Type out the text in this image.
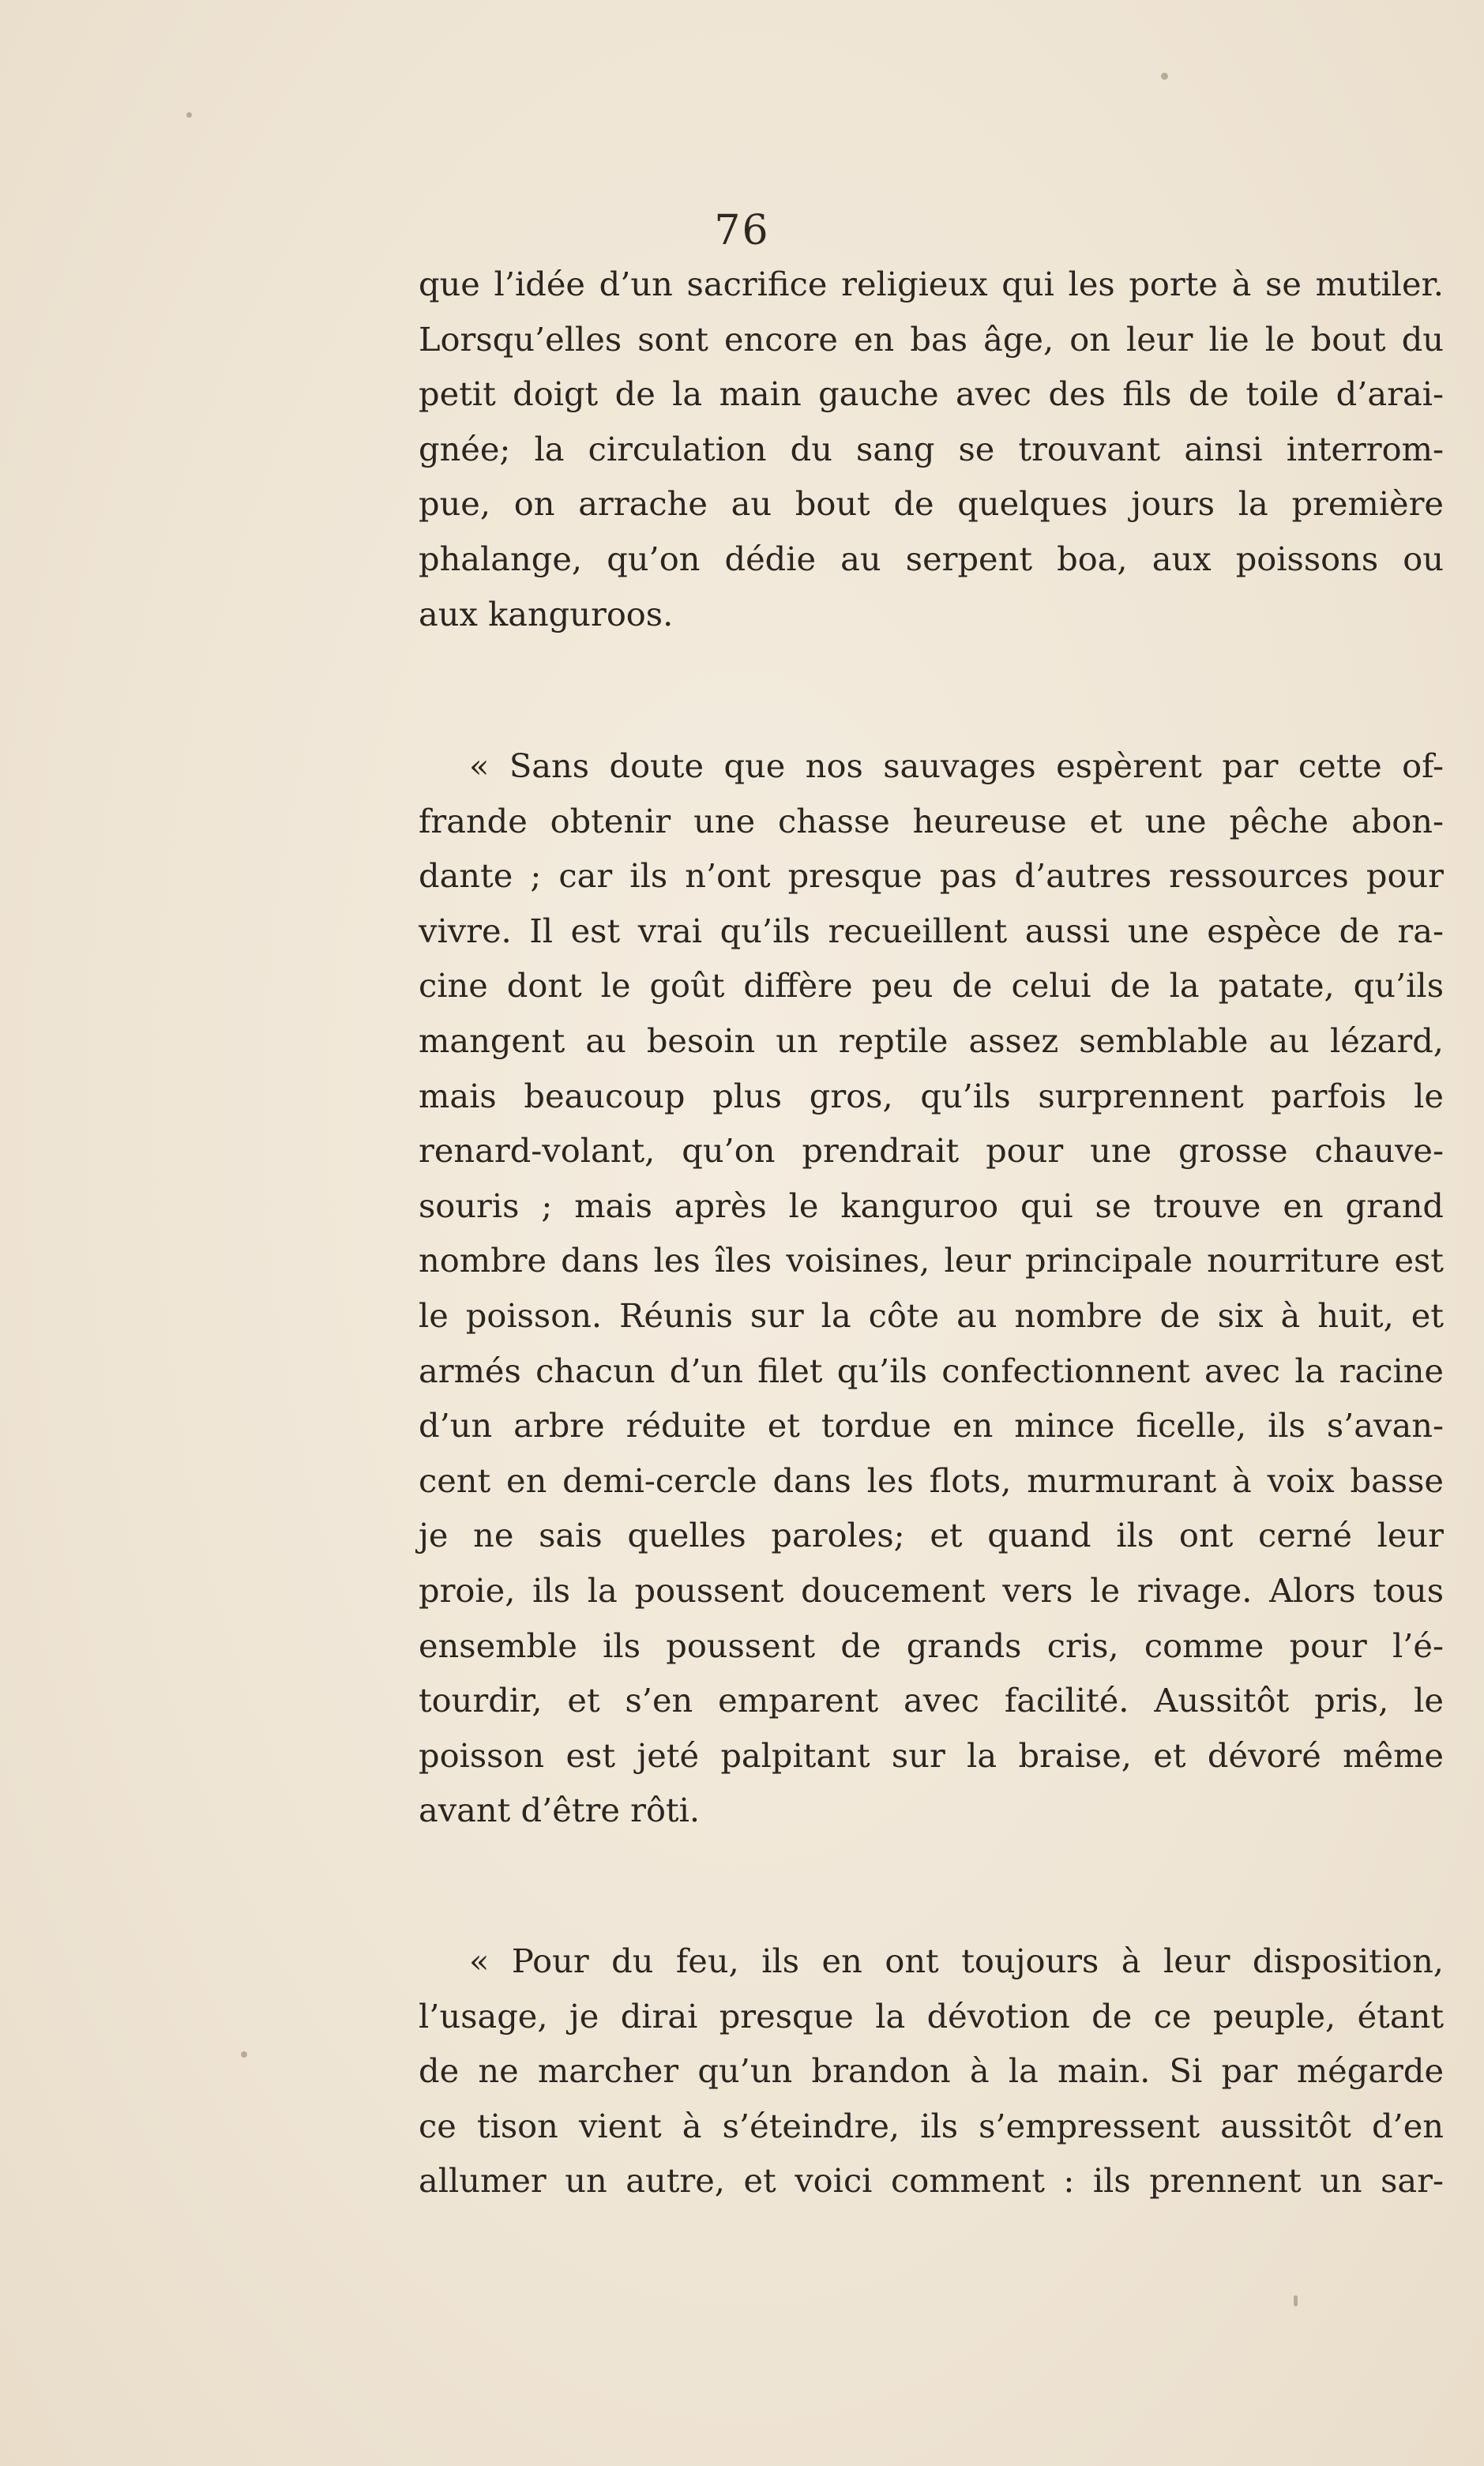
76
que l’idée d’un sacrifice religieux qui les porte à se mutiler.
Lorsqu’elles sont encore en bas âge, on leur lie le bout du
petit doigt de la main gauche avec des fils de toile d’arai-
gnée; la circulation du sang se trouvant ainsi interrom-
pue, on arrache au bout de quelques jours la première
phalange, qu’on dédie au serpent boa, aux poissons ou
aux kanguroos.
« Sans doute que nos sauvages espèrent par cette of-
frande obtenir une chasse heureuse et une pêche abon-
dante ; car ils n’ont presque pas d’autres ressources pour
vivre. Il est vrai qu’ils recueillent aussi une espèce de ra-
cine dont le goût diffère peu de celui de la patate, qu’ils
mangent au besoin un reptile assez semblable au lézard,
mais beaucoup plus gros, qu’ils surprennent parfois le
renard-volant, qu’on prendrait pour une grosse chauve-
souris ; mais après le kanguroo qui se trouve en grand
nombre dans les îles voisines, leur principale nourriture est
le poisson. Réunis sur la côte au nombre de six à huit, et
armés chacun d’un filet qu’ils confectionnent avec la racine
d’un arbre réduite et tordue en mince ficelle, ils s’avan-
cent en demi-cercle dans les flots, murmurant à voix basse
je ne sais quelles paroles; et quand ils ont cerné leur
proie, ils la poussent doucement vers le rivage. Alors tous
ensemble ils poussent de grands cris, comme pour l’é-
tourdir, et s’en emparent avec facilité. Aussitôt pris, le
poisson est jeté palpitant sur la braise, et dévoré même
avant d’être rôti.
« Pour du feu, ils en ont toujours à leur disposition,
l’usage, je dirai presque la dévotion de ce peuple, étant
de ne marcher qu’un brandon à la main. Si par mégarde
ce tison vient à s’éteindre, ils s’empressent aussitôt d’en
allumer un autre, et voici comment : ils prennent un sar-
